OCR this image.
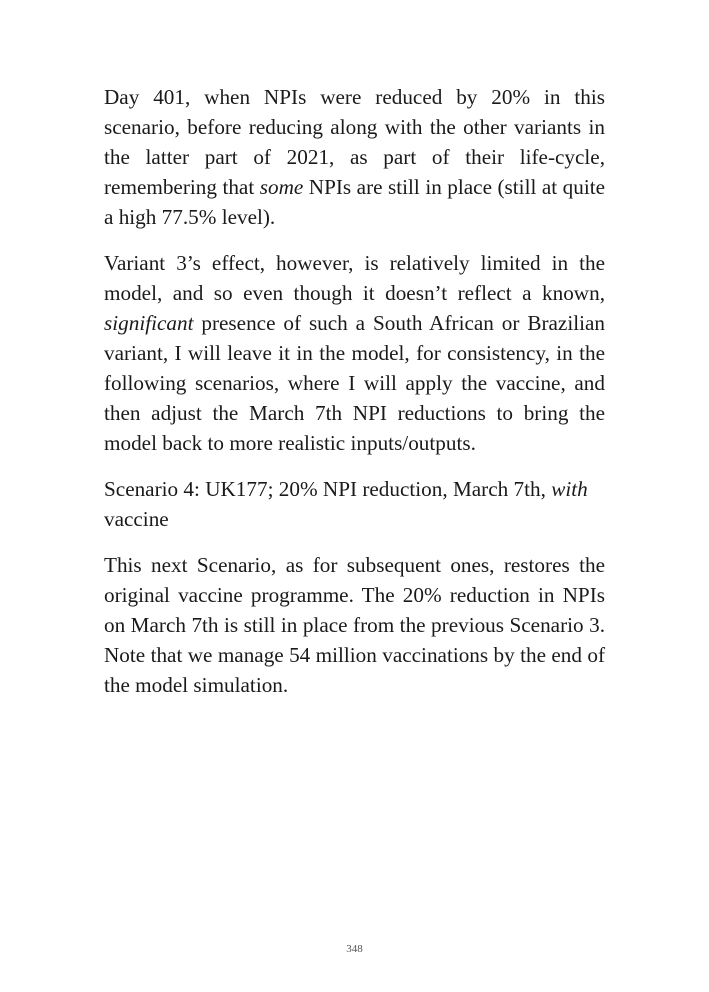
Day 401, when NPIs were reduced by 20% in this scenario, before reducing along with the other variants in the latter part of 2021, as part of their life-cycle, remembering that some NPIs are still in place (still at quite a high 77.5% level).

Variant 3’s effect, however, is relatively limited in the model, and so even though it doesn’t reflect a known, significant presence of such a South African or Brazilian variant, I will leave it in the model, for consistency, in the following scenarios, where I will apply the vaccine, and then adjust the March 7th NPI reductions to bring the model back to more realistic inputs/outputs.

Scenario 4: UK177; 20% NPI reduction, March 7th, with vaccine

This next Scenario, as for subsequent ones, restores the original vaccine programme. The 20% reduction in NPIs on March 7th is still in place from the previous Scenario 3. Note that we manage 54 million vaccinations by the end of the model simulation.

348
